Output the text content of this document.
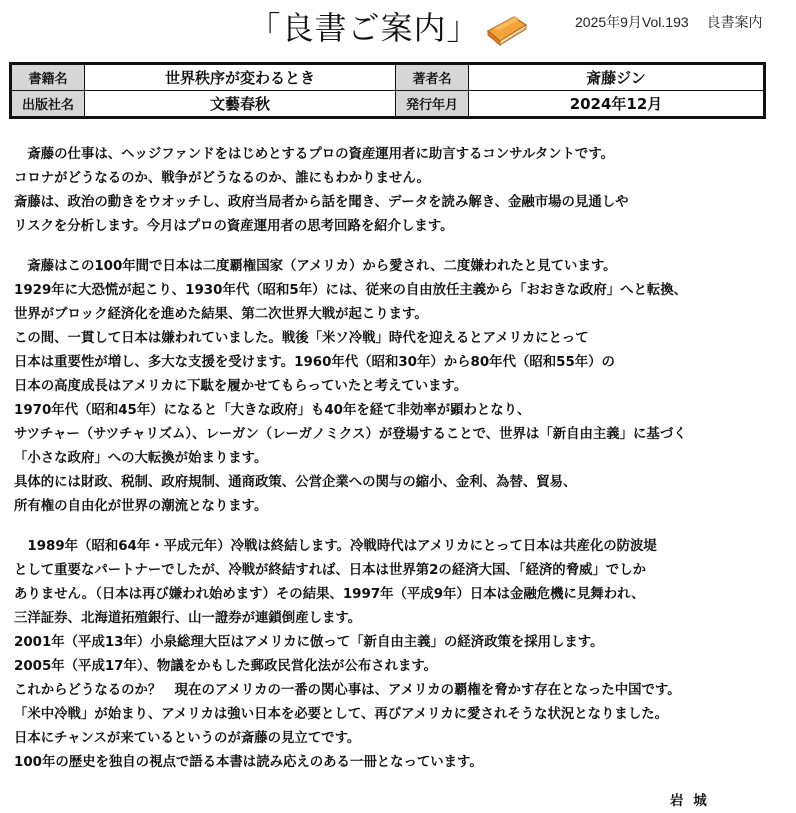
「良書ご案内」	2025年9月Vol.193 良書案内
書籍名	世界秩序が変わるとき	著者名	斎藤ジン
出版社名	文藝春秋	発行年月	2024年12月

　斎藤の仕事は、ヘッジファンドをはじめとするプロの資産運用者に助言するコンサルタントです。
コロナがどうなるのか、戦争がどうなるのか、誰にもわかりません。
斎藤は、政治の動きをウオッチし、政府当局者から話を聞き、データを読み解き、金融市場の見通しや
リスクを分析します。今月はプロの資産運用者の思考回路を紹介します。

　斎藤はこの100年間で日本は二度覇権国家（アメリカ）から愛され、二度嫌われたと見ています。
1929年に大恐慌が起こり、1930年代（昭和5年）には、従来の自由放任主義から「おおきな政府」へと転換、
世界がブロック経済化を進めた結果、第二次世界大戦が起こります。
この間、一貫して日本は嫌われていました。戦後「米ソ冷戦」時代を迎えるとアメリカにとって
日本は重要性が増し、多大な支援を受けます。1960年代（昭和30年）から80年代（昭和55年）の
日本の高度成長はアメリカに下駄を履かせてもらっていたと考えています。
1970年代（昭和45年）になると「大きな政府」も40年を経て非効率が顕わとなり、
サツチャー（サツチャリズム）、レーガン（レーガノミクス）が登場することで、世界は「新自由主義」に基づく
「小さな政府」への大転換が始まります。
具体的には財政、税制、政府規制、通商政策、公営企業への関与の縮小、金利、為替、貿易、
所有権の自由化が世界の潮流となります。

　1989年（昭和64年・平成元年）冷戦は終結します。冷戦時代はアメリカにとって日本は共産化の防波堤
として重要なパートナーでしたが、冷戦が終結すれば、日本は世界第2の経済大国、「経済的脅威」でしか
ありません。（日本は再び嫌われ始めます）その結果、1997年（平成9年）日本は金融危機に見舞われ、
三洋証券、北海道拓殖銀行、山一證券が連鎖倒産します。
2001年（平成13年）小泉総理大臣はアメリカに倣って「新自由主義」の経済政策を採用します。
2005年（平成17年）、物議をかもした郵政民営化法が公布されます。
これからどうなるのか？　現在のアメリカの一番の関心事は、アメリカの覇権を脅かす存在となった中国です。
「米中冷戦」が始まり、アメリカは強い日本を必要として、再びアメリカに愛されそうな状況となりました。
日本にチャンスが来ているというのが斎藤の見立てです。
100年の歴史を独自の視点で語る本書は読み応えのある一冊となっています。

岩城
